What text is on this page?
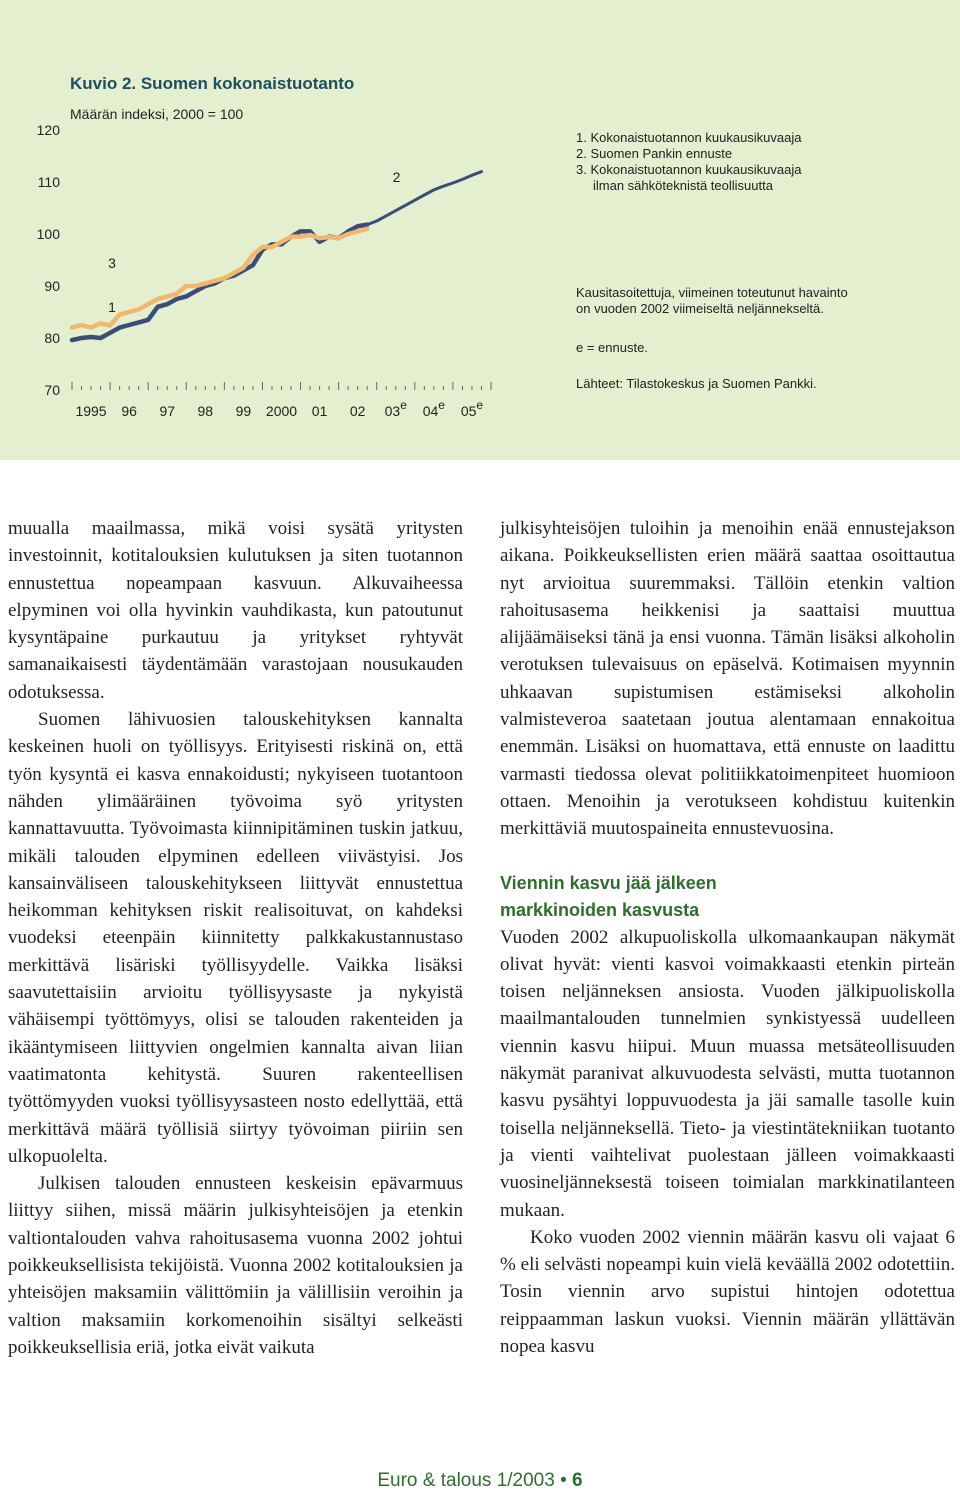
70
80
90
100
110
120
1995 96 97 98 99 2000 01 02 03e 04e 05e
1
2
3
Kuvio 2. Suomen kokonaistuotanto
Määrän indeksi, 2000 = 100
1. Kokonaistuotannon kuukausikuvaaja
2. Suomen Pankin ennuste
3. Kokonaistuotannon kuukausikuvaaja
ilman sähköteknistä teollisuutta
Kausitasoitettuja, viimeinen toteutunut havainto
on vuoden 2002 viimeiseltä neljännekseltä.
e = ennuste.
Lähteet: Tilastokeskus ja Suomen Pankki.

muualla maailmassa, mikä voisi sysätä yritysten investoinnit, kotitalouksien kulutuksen ja siten tuotannon ennustettua nopeampaan kasvuun. Alkuvaiheessa elpyminen voi olla hyvinkin vauhdikasta, kun patoutunut kysyntäpaine purkautuu ja yritykset ryhtyvät samanaikaisesti täydentämään varastojaan nousukauden odotuksessa.

Suomen lähivuosien talouskehityksen kannalta keskeinen huoli on työllisyys. Erityisesti riskinä on, että työn kysyntä ei kasva ennakoidusti; nykyiseen tuotantoon nähden ylimääräinen työvoima syö yritysten kannattavuutta. Työvoimasta kiinnipitäminen tuskin jatkuu, mikäli talouden elpyminen edelleen viivästyisi. Jos kansainväliseen talouskehitykseen liittyvät ennustettua heikomman kehityksen riskit realisoituvat, on kahdeksi vuodeksi eteenpäin kiinnitetty palkkakustannustaso merkittävä lisäriski työllisyydelle. Vaikka lisäksi saavutettaisiin arvioitu työllisyysaste ja nykyistä vähäisempi työttömyys, olisi se talouden rakenteiden ja ikääntymiseen liittyvien ongelmien kannalta aivan liian vaatimatonta kehitystä. Suuren rakenteellisen työttömyyden vuoksi työllisyysasteen nosto edellyttää, että merkittävä määrä työllisiä siirtyy työvoiman piiriin sen ulkopuolelta.

Julkisen talouden ennusteen keskeisin epävarmuus liittyy siihen, missä määrin julkisyhteisöjen ja etenkin valtiontalouden vahva rahoitusasema vuonna 2002 johtui poikkeuksellisista tekijöistä. Vuonna 2002 kotitalouksien ja yhteisöjen maksamiin välittömiin ja välillisiin veroihin ja valtion maksamiin korkomenoihin sisältyi selkeästi poikkeuksellisia eriä, jotka eivät vaikuta

julkisyhteisöjen tuloihin ja menoihin enää ennustejakson aikana. Poikkeuksellisten erien määrä saattaa osoittautua nyt arvioitua suuremmaksi. Tällöin etenkin valtion rahoitusasema heikkenisi ja saattaisi muuttua alijäämäiseksi tänä ja ensi vuonna. Tämän lisäksi alkoholin verotuksen tulevaisuus on epäselvä. Kotimaisen myynnin uhkaavan supistumisen estämiseksi alkoholin valmisteveroa saatetaan joutua alentamaan ennakoitua enemmän. Lisäksi on huomattava, että ennuste on laadittu varmasti tiedossa olevat politiikkatoimenpiteet huomioon ottaen. Menoihin ja verotukseen kohdistuu kuitenkin merkittäviä muutospaineita ennustevuosina.

Viennin kasvu jää jälkeen
markkinoiden kasvusta

Vuoden 2002 alkupuoliskolla ulkomaankaupan näkymät olivat hyvät: vienti kasvoi voimakkaasti etenkin pirteän toisen neljänneksen ansiosta. Vuoden jälkipuoliskolla maailmantalouden tunnelmien synkistyessä uudelleen viennin kasvu hiipui. Muun muassa metsäteollisuuden näkymät paranivat alkuvuodesta selvästi, mutta tuotannon kasvu pysähtyi loppuvuodesta ja jäi samalle tasolle kuin toisella neljänneksellä. Tieto- ja viestintätekniikan tuotanto ja vienti vaihtelivat puolestaan jälleen voimakkaasti vuosineljänneksestä toiseen toimialan markkinatilanteen mukaan.

Koko vuoden 2002 viennin määrän kasvu oli vajaat 6 % eli selvästi nopeampi kuin vielä keväällä 2002 odotettiin. Tosin viennin arvo supistui hintojen odotettua reippaamman laskun vuoksi. Viennin määrän yllättävän nopea kasvu

Euro & talous 1/2003 • 6
